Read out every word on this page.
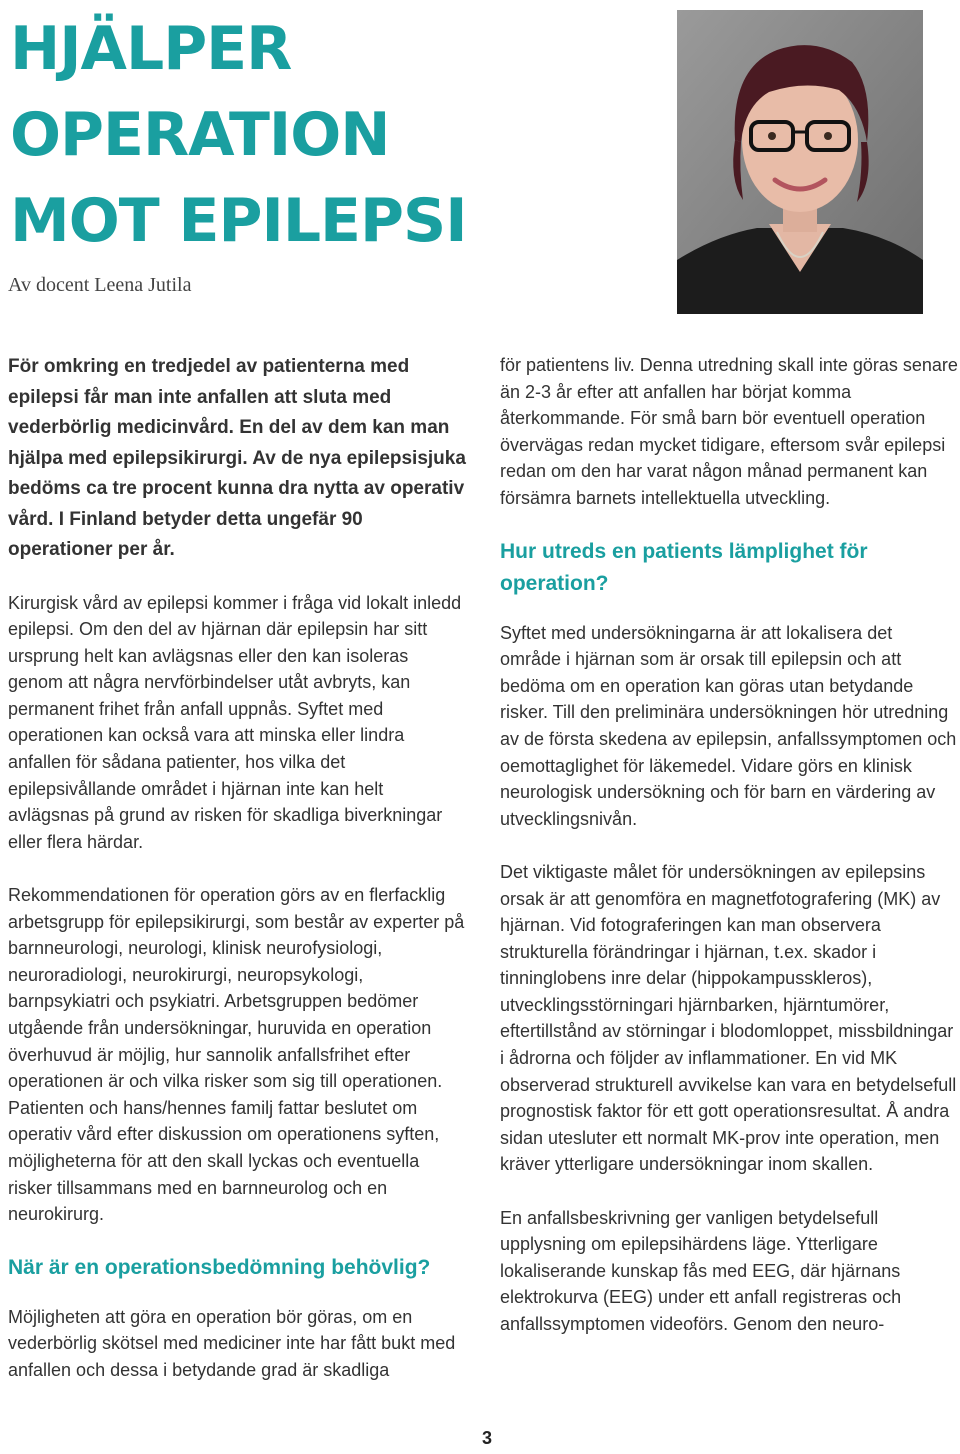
HJÄLPER
OPERATION
MOT EPILEPSI

Av docent Leena Jutila

För omkring en tredjedel av patienterna med epilepsi får man inte anfallen att sluta med vederbörlig medicinvård. En del av dem kan man hjälpa med epilepsikirurgi. Av de nya epilepsisjuka bedöms ca tre procent kunna dra nytta av operativ vård. I Finland betyder detta ungefär 90 operationer per år.

Kirurgisk vård av epilepsi kommer i fråga vid lokalt inledd epilepsi. Om den del av hjärnan där epilepsin har sitt ursprung helt kan avlägsnas eller den kan isoleras genom att några nervförbindelser utåt avbryts, kan permanent frihet från anfall uppnås. Syftet med operationen kan också vara att minska eller lindra anfallen för sådana patienter, hos vilka det epilepsivållande området i hjärnan inte kan helt avlägsnas på grund av risken för skadliga biverkningar eller flera härdar.

Rekommendationen för operation görs av en flerfacklig arbetsgrupp för epilepsikirurgi, som består av experter på barnneurologi, neurologi, klinisk neurofysiologi, neuroradiologi, neurokirurgi, neuropsykologi, barnpsykiatri och psykiatri. Arbetsgruppen bedömer utgående från undersökningar, huruvida en operation överhuvud är möjlig, hur sannolik anfallsfrihet efter operationen är och vilka risker som sig till operationen. Patienten och hans/hennes familj fattar beslutet om operativ vård efter diskussion om operationens syften, möjligheterna för att den skall lyckas och eventuella risker tillsammans med en barnneurolog och en neurokirurg.

När är en operationsbedömning behövlig?

Möjligheten att göra en operation bör göras, om en vederbörlig skötsel med mediciner inte har fått bukt med anfallen och dessa i betydande grad är skadliga

för patientens liv. Denna utredning skall inte göras senare än 2-3 år efter att anfallen har börjat komma återkommande. För små barn bör eventuell operation övervägas redan mycket tidigare, eftersom svår epilepsi redan om den har varat någon månad permanent kan försämra barnets intellektuella utveckling.

Hur utreds en patients lämplighet för operation?

Syftet med undersökningarna är att lokalisera det område i hjärnan som är orsak till epilepsin och att bedöma om en operation kan göras utan betydande risker. Till den preliminära undersökningen hör utredning av de första skedena av epilepsin, anfallssymptomen och oemottaglighet för läkemedel. Vidare görs en klinisk neurologisk undersökning och för barn en värdering av utvecklingsnivån.

Det viktigaste målet för undersökningen av epilepsins orsak är att genomföra en magnetfotografering (MK) av hjärnan. Vid fotograferingen kan man observera strukturella förändringar i hjärnan, t.ex. skador i tinninglobens inre delar (hippokampusskleros), utvecklingsstörningari hjärnbarken, hjärntumörer, eftertillstånd av störningar i blodomloppet, missbildningar i ådrorna och följder av inflammationer. En vid MK observerad strukturell avvikelse kan vara en betydelsefull prognostisk faktor för ett gott operationsresultat. Å andra sidan utesluter ett normalt MK-prov inte operation, men kräver ytterligare undersökningar inom skallen.

En anfallsbeskrivning ger vanligen betydelsefull upplysning om epilepsihärdens läge. Ytterligare lokaliserande kunskap fås med EEG, där hjärnans elektrokurva (EEG) under ett anfall registreras och anfallssymptomen videoförs. Genom den neuro-

3
